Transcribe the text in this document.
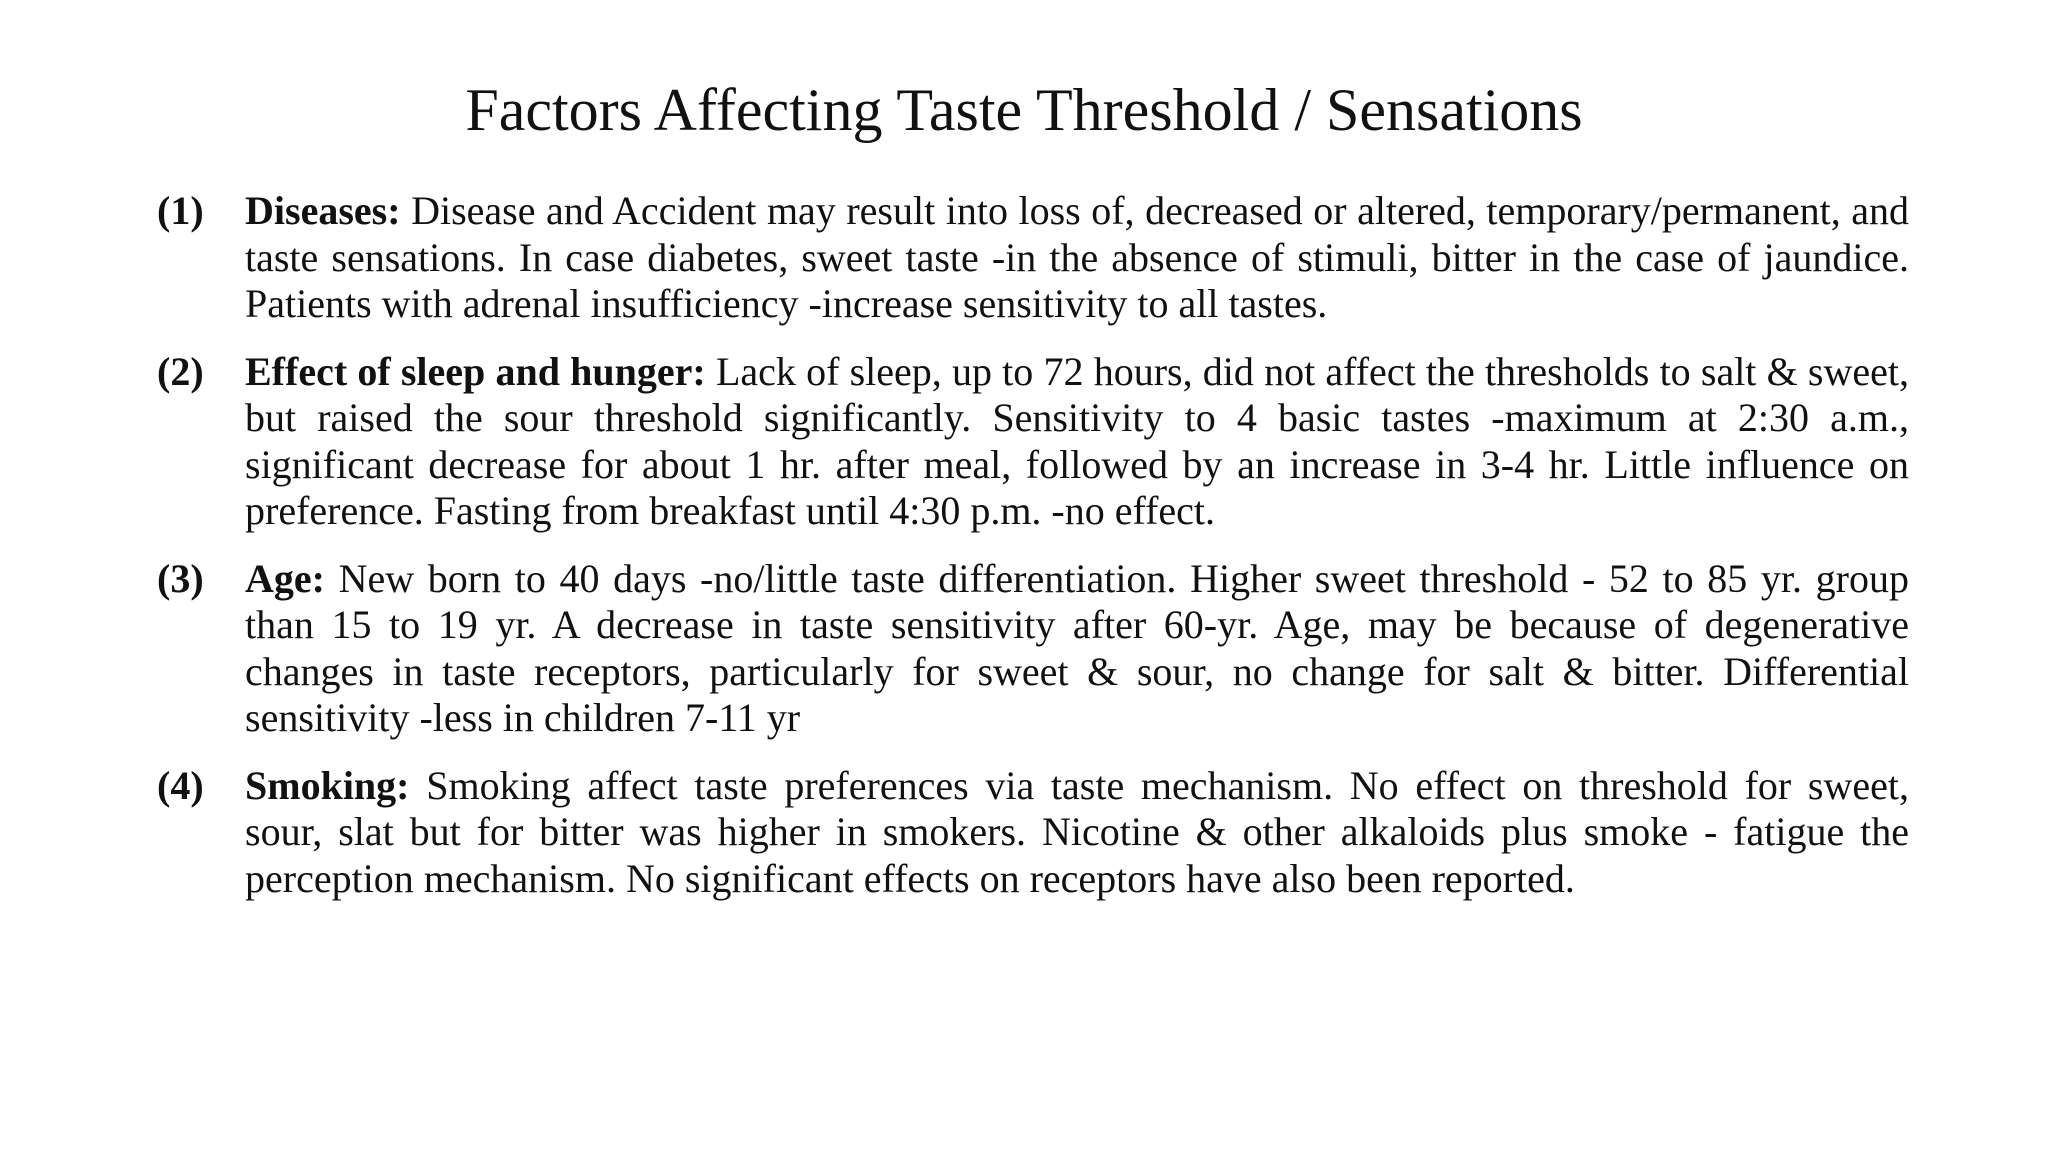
Factors Affecting Taste Threshold / Sensations
(1)	Diseases: Disease and Accident may result into loss of, decreased or altered, temporary/permanent, and taste sensations. In case diabetes, sweet taste -in the absence of stimuli, bitter in the case of jaundice. Patients with adrenal insufficiency -increase sensitivity to all tastes.
(2)	Effect of sleep and hunger: Lack of sleep, up to 72 hours, did not affect the thresholds to salt & sweet, but raised the sour threshold significantly. Sensitivity to 4 basic tastes -maximum at 2:30 a.m., significant decrease for about 1 hr. after meal, followed by an increase in 3-4 hr. Little influence on preference. Fasting from breakfast until 4:30 p.m. -no effect.
(3)	Age: New born to 40 days -no/little taste differentiation. Higher sweet threshold - 52 to 85 yr. group than 15 to 19 yr. A decrease in taste sensitivity after 60-yr. Age, may be because of degenerative changes in taste receptors, particularly for sweet & sour, no change for salt & bitter. Differential sensitivity -less in children 7-11 yr
(4)	Smoking: Smoking affect taste preferences via taste mechanism. No effect on threshold for sweet, sour, slat but for bitter was higher in smokers. Nicotine & other alkaloids plus smoke - fatigue the perception mechanism. No significant effects on receptors have also been reported.
